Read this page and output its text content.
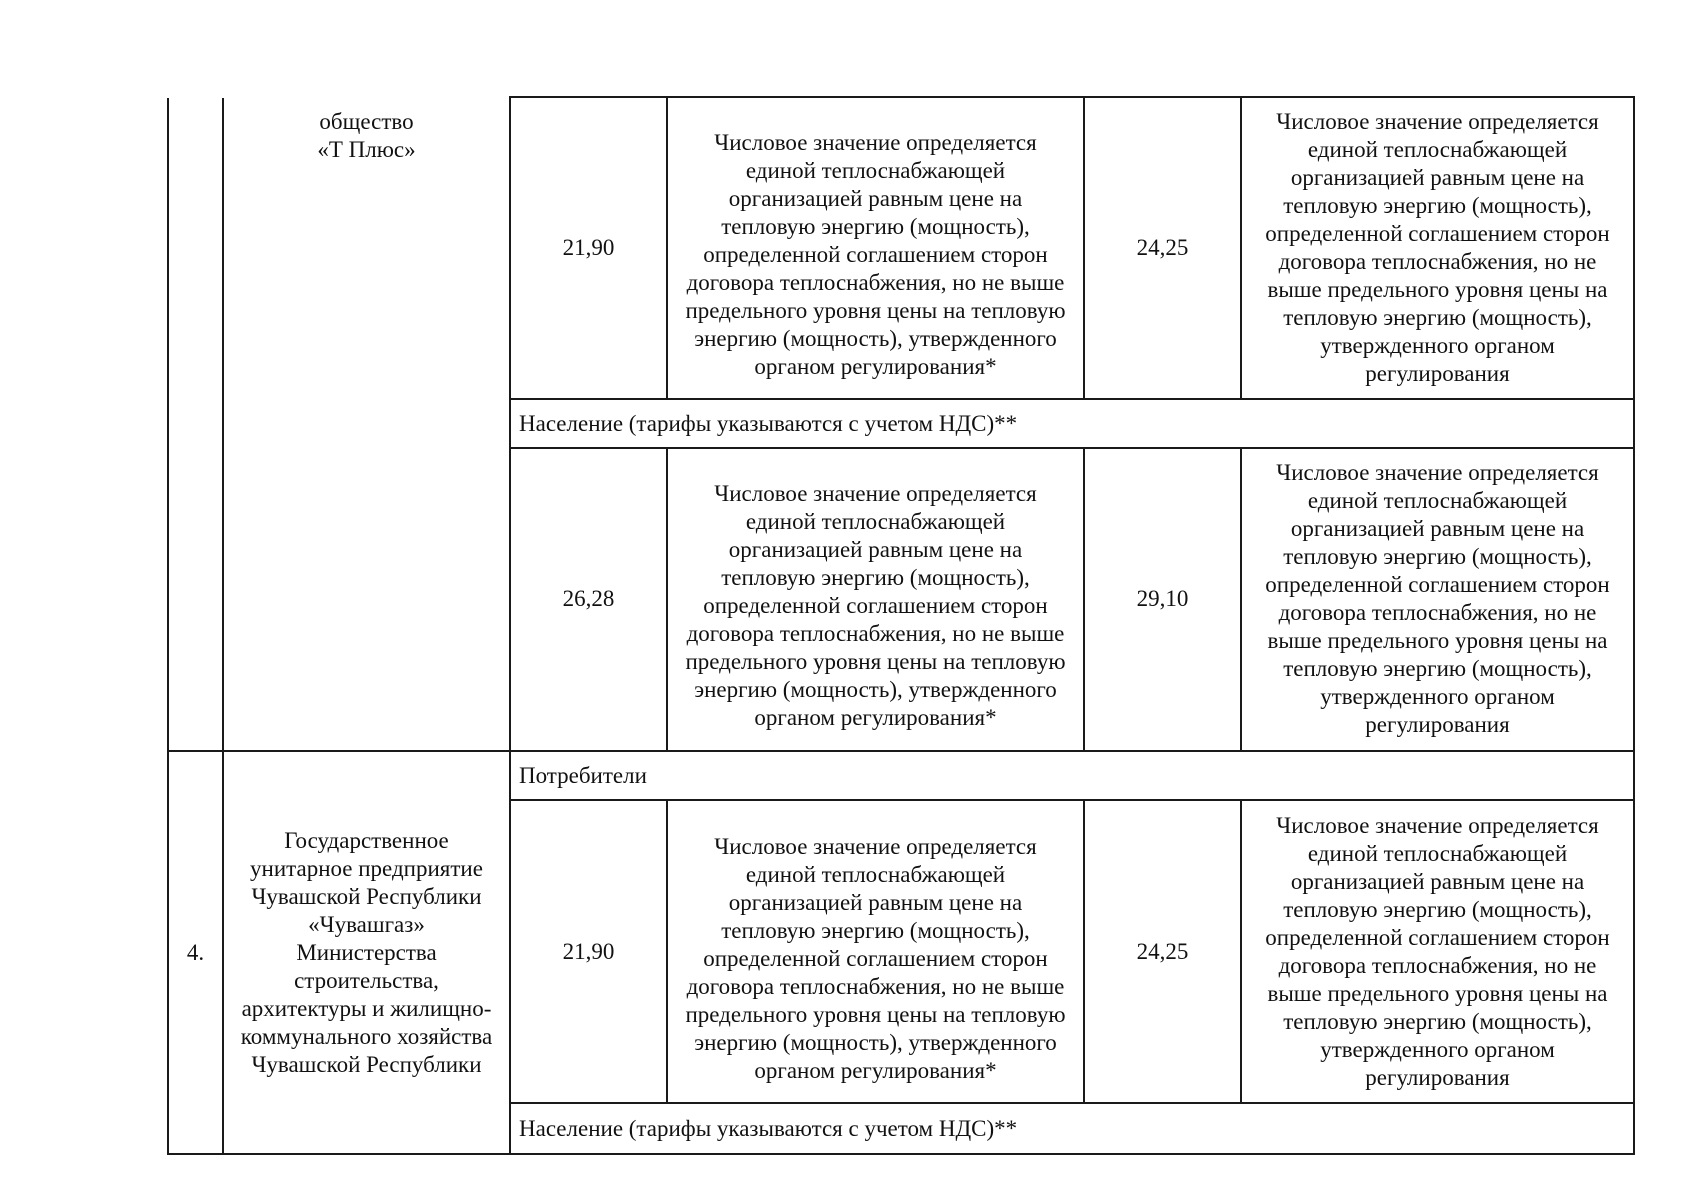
общество
«Т Плюс»
21,90
Числовое значение определяется
единой теплоснабжающей
организацией равным цене на
тепловую энергию (мощность),
определенной соглашением сторон
договора теплоснабжения, но не выше
предельного уровня цены на тепловую
энергию (мощность), утвержденного
органом регулирования*
24,25
Числовое значение определяется
единой теплоснабжающей
организацией равным цене на
тепловую энергию (мощность),
определенной соглашением сторон
договора теплоснабжения, но не
выше предельного уровня цены на
тепловую энергию (мощность),
утвержденного органом
регулирования
Население (тарифы указываются с учетом НДС)**
26,28
Числовое значение определяется
единой теплоснабжающей
организацией равным цене на
тепловую энергию (мощность),
определенной соглашением сторон
договора теплоснабжения, но не выше
предельного уровня цены на тепловую
энергию (мощность), утвержденного
органом регулирования*
29,10
Числовое значение определяется
единой теплоснабжающей
организацией равным цене на
тепловую энергию (мощность),
определенной соглашением сторон
договора теплоснабжения, но не
выше предельного уровня цены на
тепловую энергию (мощность),
утвержденного органом
регулирования
4.
Государственное
унитарное предприятие
Чувашской Республики
«Чувашгаз»
Министерства
строительства,
архитектуры и жилищно-
коммунального хозяйства
Чувашской Республики
Потребители
21,90
Числовое значение определяется
единой теплоснабжающей
организацией равным цене на
тепловую энергию (мощность),
определенной соглашением сторон
договора теплоснабжения, но не выше
предельного уровня цены на тепловую
энергию (мощность), утвержденного
органом регулирования*
24,25
Числовое значение определяется
единой теплоснабжающей
организацией равным цене на
тепловую энергию (мощность),
определенной соглашением сторон
договора теплоснабжения, но не
выше предельного уровня цены на
тепловую энергию (мощность),
утвержденного органом
регулирования
Население (тарифы указываются с учетом НДС)**
